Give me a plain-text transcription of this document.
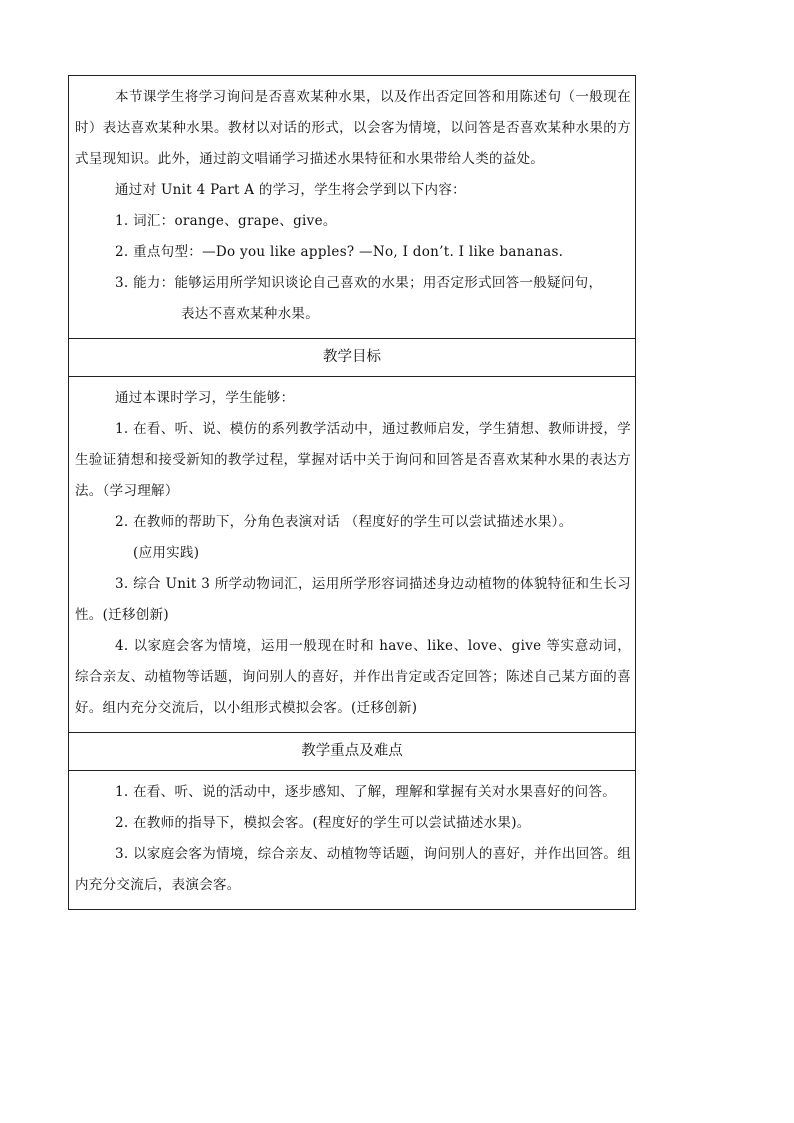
本节课学生将学习询问是否喜欢某种水果，以及作出否定回答和用陈述句（一般现在时）表达喜欢某种水果。教材以对话的形式，以会客为情境，以问答是否喜欢某种水果的方式呈现知识。此外，通过韵文唱诵学习描述水果特征和水果带给人类的益处。

通过对 Unit 4 Part A 的学习，学生将会学到以下内容：

1. 词汇：orange、grape、give。

2. 重点句型：—Do you like apples? —No, I don’t. I like bananas.

3. 能力：能够运用所学知识谈论自己喜欢的水果；用否定形式回答一般疑问句，

表达不喜欢某种水果。

教学目标

通过本课时学习，学生能够：

1. 在看、听、说、模仿的系列教学活动中，通过教师启发，学生猜想、教师讲授，学生验证猜想和接受新知的教学过程，掌握对话中关于询问和回答是否喜欢某种水果的表达方法。（学习理解）

2. 在教师的帮助下，分角色表演对话 （程度好的学生可以尝试描述水果）。

(应用实践)

3. 综合 Unit 3 所学动物词汇，运用所学形容词描述身边动植物的体貌特征和生长习性。(迁移创新)

4. 以家庭会客为情境，运用一般现在时和 have、like、love、give 等实意动词，综合亲友、动植物等话题，询问别人的喜好，并作出肯定或否定回答；陈述自己某方面的喜好。组内充分交流后，以小组形式模拟会客。(迁移创新)

教学重点及难点

1. 在看、听、说的活动中，逐步感知、了解，理解和掌握有关对水果喜好的问答。

2. 在教师的指导下，模拟会客。(程度好的学生可以尝试描述水果)。

3. 以家庭会客为情境，综合亲友、动植物等话题，询问别人的喜好，并作出回答。组内充分交流后，表演会客。
